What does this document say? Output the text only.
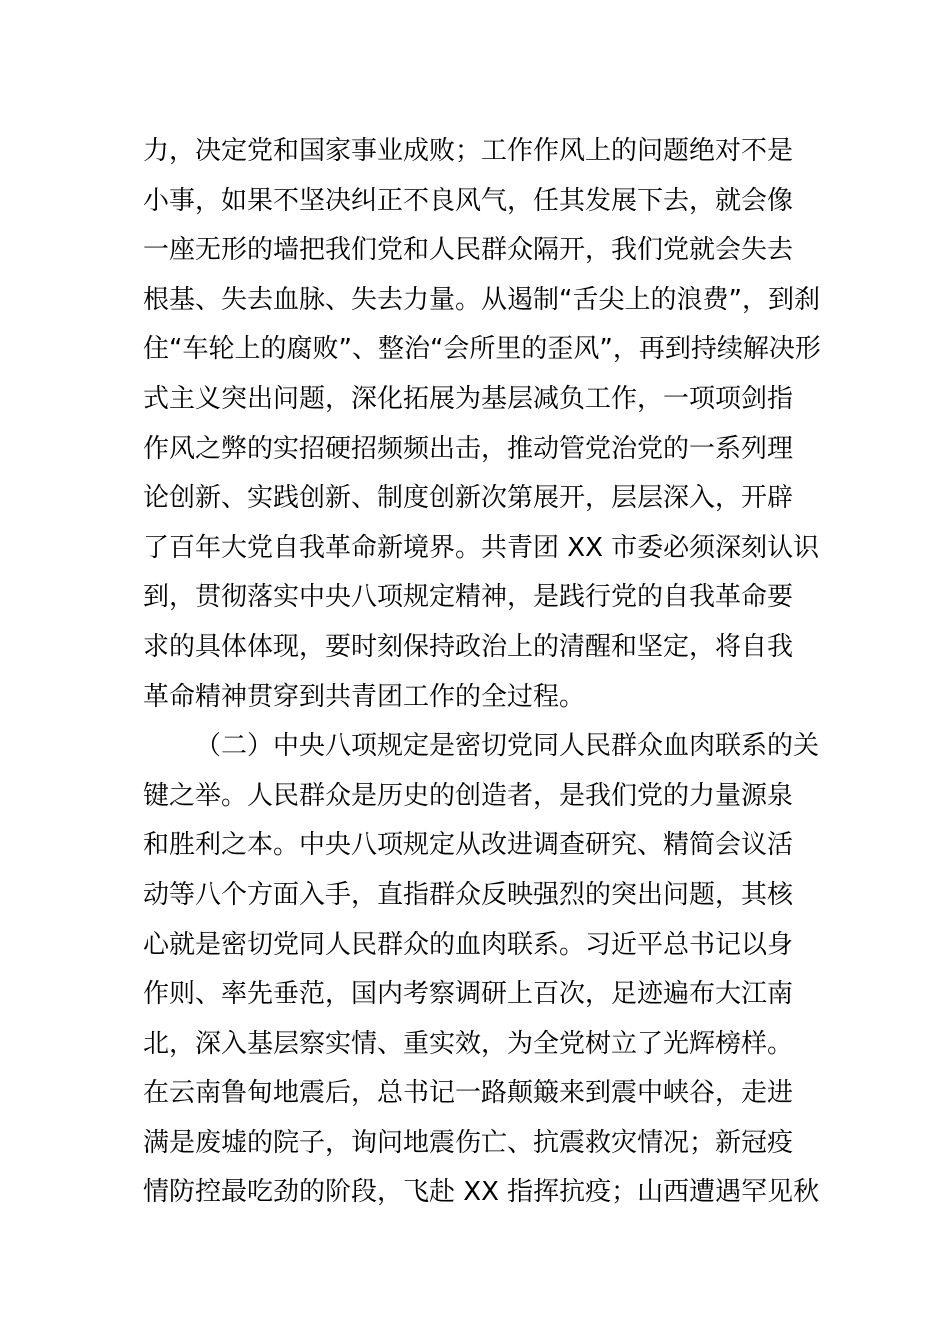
力，决定党和国家事业成败；工作作风上的问题绝对不是
小事，如果不坚决纠正不良风气，任其发展下去，就会像
一座无形的墙把我们党和人民群众隔开，我们党就会失去
根基、失去血脉、失去力量。从遏制“舌尖上的浪费”，到刹
住“车轮上的腐败”、整治“会所里的歪风”，再到持续解决形
式主义突出问题，深化拓展为基层减负工作，一项项剑指
作风之弊的实招硬招频频出击，推动管党治党的一系列理
论创新、实践创新、制度创新次第展开，层层深入，开辟
了百年大党自我革命新境界。共青团 XX 市委必须深刻认识
到，贯彻落实中央八项规定精神，是践行党的自我革命要
求的具体体现，要时刻保持政治上的清醒和坚定，将自我
革命精神贯穿到共青团工作的全过程。
（二）中央八项规定是密切党同人民群众血肉联系的关
键之举。人民群众是历史的创造者，是我们党的力量源泉
和胜利之本。中央八项规定从改进调查研究、精简会议活
动等八个方面入手，直指群众反映强烈的突出问题，其核
心就是密切党同人民群众的血肉联系。习近平总书记以身
作则、率先垂范，国内考察调研上百次，足迹遍布大江南
北，深入基层察实情、重实效，为全党树立了光辉榜样。
在云南鲁甸地震后，总书记一路颠簸来到震中峡谷，走进
满是废墟的院子，询问地震伤亡、抗震救灾情况；新冠疫
情防控最吃劲的阶段，飞赴 XX 指挥抗疫；山西遭遇罕见秋
